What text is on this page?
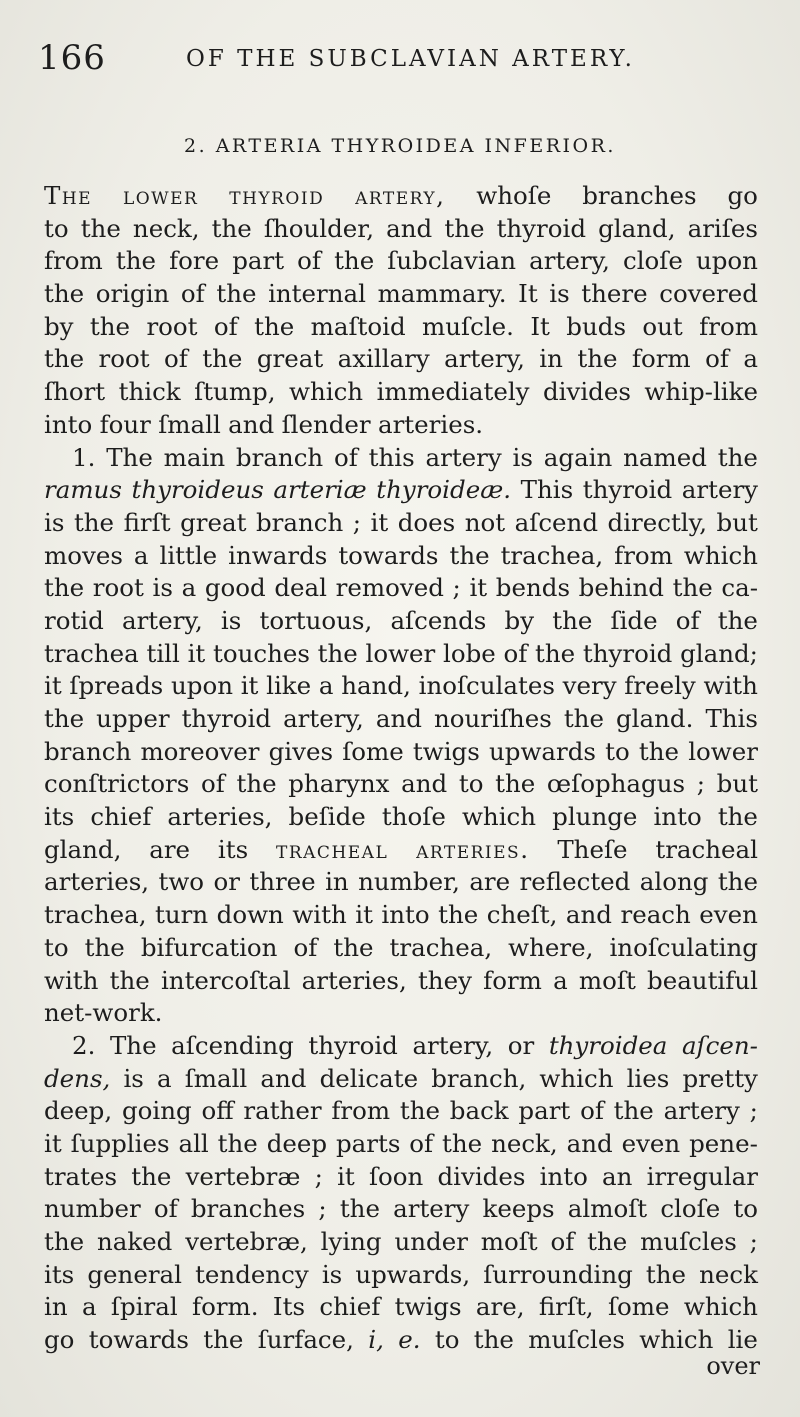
166	OF THE SUBCLAVIAN ARTERY.
2. ARTERIA THYROIDEA INFERIOR.
The lower thyroid artery, whoſe branches go
to the neck, the ſhoulder, and the thyroid gland, ariſes
from the fore part of the ſubclavian artery, cloſe upon
the origin of the internal mammary. It is there covered
by the root of the maſtoid muſcle. It buds out from
the root of the great axillary artery, in the form of a
ſhort thick ſtump, which immediately divides whip-like
into four ſmall and ſlender arteries.
1. The main branch of this artery is again named the
ramus thyroideus arteriæ thyroideæ. This thyroid artery
is the firſt great branch ; it does not aſcend directly, but
moves a little inwards towards the trachea, from which
the root is a good deal removed ; it bends behind the ca-
rotid artery, is tortuous, aſcends by the ſide of the
trachea till it touches the lower lobe of the thyroid gland;
it ſpreads upon it like a hand, inoſculates very freely with
the upper thyroid artery, and nouriſhes the gland. This
branch moreover gives ſome twigs upwards to the lower
conſtrictors of the pharynx and to the œſophagus ; but
its chief arteries, beſide thoſe which plunge into the
gland, are its tracheal arteries. Theſe tracheal
arteries, two or three in number, are reflected along the
trachea, turn down with it into the cheſt, and reach even
to the bifurcation of the trachea, where, inoſculating
with the intercoſtal arteries, they form a moſt beautiful
net-work.
2. The aſcending thyroid artery, or thyroidea aſcen-
dens, is a ſmall and delicate branch, which lies pretty
deep, going off rather from the back part of the artery ;
it ſupplies all the deep parts of the neck, and even pene-
trates the vertebræ ; it ſoon divides into an irregular
number of branches ; the artery keeps almoſt cloſe to
the naked vertebræ, lying under moſt of the muſcles ;
its general tendency is upwards, ſurrounding the neck
in a ſpiral form. Its chief twigs are, firſt, ſome which
go towards the ſurface, i, e. to the muſcles which lie
over
